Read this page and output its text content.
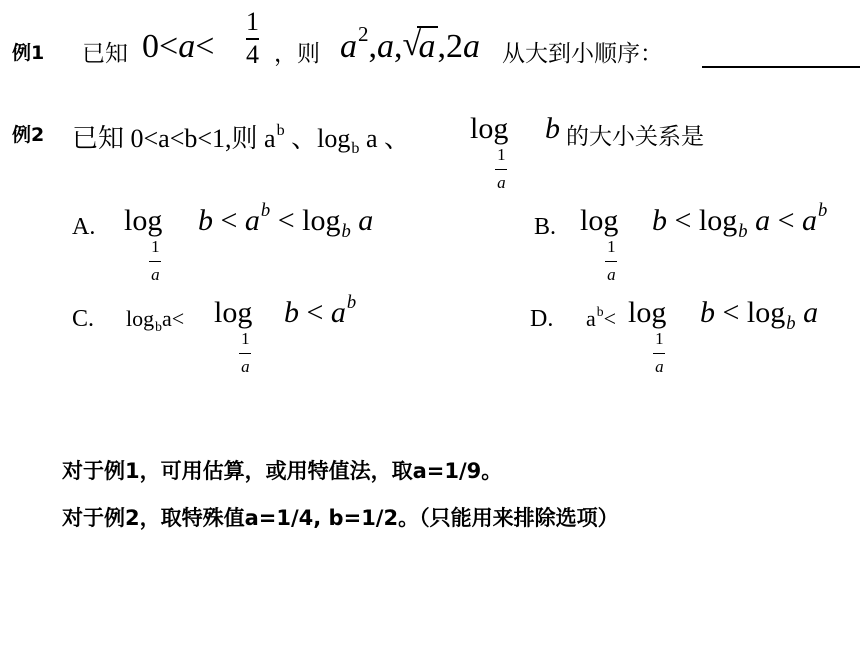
例1 已知 0<a<
1
4 ，则 $a^2,a$, √
a,2a 从大到小顺序：
例2 已知 0<a<b<1,则 $a^b$ 、$\log_b a$ 、 log
1
a
b 的大小关系是
A. log
1
a
$b < a^b < \log_b a$	B. log
1
a
$b < \log_b a < a^b$
C. $\log_ba< \log$
1
a
$b < a^b$
D. $a^b< \log$
1
a
$b < \log_b a$
对于例1，可用估算，或用特值法，取a=1/9。
对于例2，取特殊值a=1/4, b=1/2。（只能用来排除选项）
